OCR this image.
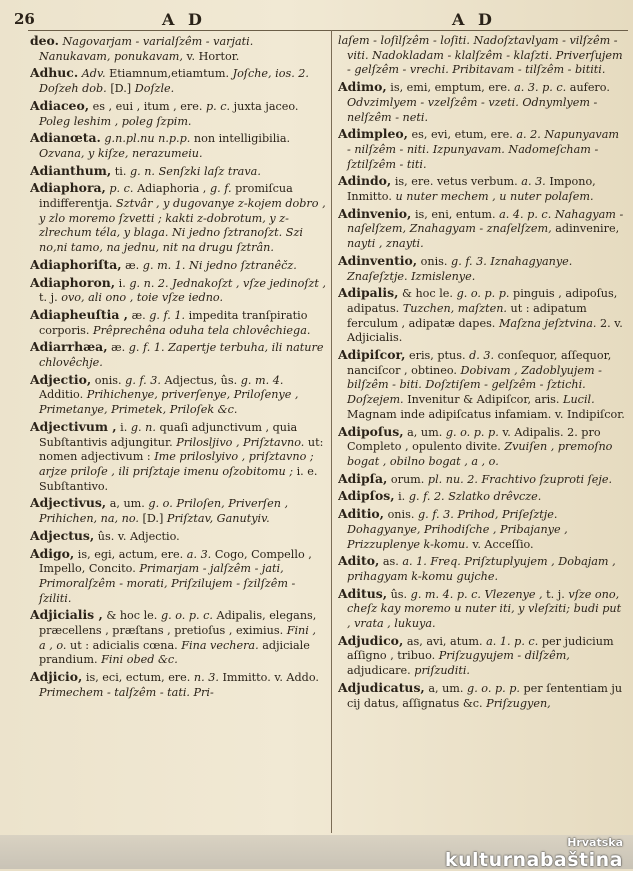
26	A D	A D
deo. Nagovarjam - varialſzêm - varjati. Nanukavam, ponukavam, v. Hortor.
Adhuc. Adv. Etiamnum,etiamtum. Joſche, ios. 2. Doſzeh dob. [D.] Doſzle.
Adiaceo, es , eui , itum , ere. p. c. juxta jaceo. Poleg leshim , poleg ſzpim.
Adianœta. g.n.pl.nu n.p.p. non intelligibilia. Ozvana, y kiſze, nerazumeiu.
Adianthum, ti. g. n. Senſzki laſz trava.
Adiaphora, p. c. Adiaphoria , g. f. promiſcua indifferentja. Sztvâr , y dugovanye z-kojem dobro , y zlo moremo ſzvetti ; kakti z-dobrotum, y z-zlrechum téla, y blaga. Ni jedno ſztranoſzt. Szi no,ni tamo, na jednu, nit na drugu ſztrân.
Adiaphoriſta, æ. g. m. 1. Ni jedno ſztranêčz.
Adiaphoron, i. g. n. 2. Jednakoſzt , vſze jedinoſzt , t. j. ovo, ali ono , toie vſze iedno.
Adiapheuſtia , æ. g. f. 1. impedita tranſpiratio corporis. Prêprechêna oduha tela chlovêchiega.
Adiarrhæa, æ. g. f. 1. Zapertje terbuha, ili nature chlovêchje.
Adjectio, onis. g. f. 3. Adjectus, ûs. g. m. 4. Additio. Prihichenye, priverſenye, Priloſenye , Primetanye, Primetek, Priloſek &c.
Adjectivum , i. g. n. quaſi adjunctivum , quia Subſtantivis adjungitur. Prilosljivo , Priſztavno. ut: nomen adjectivum : Ime priloslyivo , priſztavno ; arjze priloſe , ili priſztaje imenu oſzobitomu ; i. e. Subſtantivo.
Adjectivus, a, um. g. o. Priloſen, Priverſen , Prihichen, na, no. [D.] Priſztav, Ganutyiv.
Adjectus, ûs. v. Adjectio.
Adigo, is, egi, actum, ere. a. 3. Cogo, Compello , Impello, Concito. Primarjam - jalſzêm - jati, Primoralſzêm - morati, Priſzilujem - ſzilſzêm - ſziliti.
Adjicialis , & hoc le. g. o. p. c. Adipalis, elegans, præcellens , præſtans , pretioſus , eximius. Fini , a , o. ut : adicialis cœna. Fina vechera. adjiciale prandium. Fini obed &c.
Adjicio, is, eci, ectum, ere. n. 3. Immitto. v. Addo. Primechem - talſzêm - tati. Pri-
laſem - loſilſzêm - loſiti. Nadoſztavlyam - vilſzêm - viti. Nadokladam - klalſzêm - klaſzti. Priverſujem - gelſzêm - vrechi. Pribitavam - tilſzêm - bititi.
Adimo, is, emi, emptum, ere. a. 3. p. c. aufero. Odvzimlyem - vzelſzêm - vzeti. Odnymlyem - nelſzêm - neti.
Adimpleo, es, evi, etum, ere. a. 2. Napunyavam - nilſzêm - niti. Izpunyavam. Nadomeſcham - ſztilſzêm - titi.
Adindo, is, ere. vetus verbum. a. 3. Impono, Inmitto. u nuter mechem , u nuter polaſem.
Adinvenio, is, eni, entum. a. 4. p. c. Nahagyam - naſelſzem, Znahagyam - znaſelſzem, adinvenire, nayti , znayti.
Adinventio, onis. g. f. 3. Iznahagyanye. Znaſeſztje. Izmislenye.
Adipalis, & hoc le. g. o. p. p. pinguis , adipoſus, adipatus. Tuzchen, maſzten. ut : adipatum ferculum , adipatæ dapes. Maſzna jeſztvina. 2. v. Adjicialis.
Adipiſcor, eris, ptus. d. 3. conſequor, aſſequor, nanciſcor , obtineo. Dobivam , Zadoblyujem - bilſzêm - biti. Doſztiſem - gelſzêm - ſztichi. Doſzejem. Invenitur & Adipiſcor, aris. Lucil. Magnam inde adipiſcatus infamiam. v. Indipiſcor.
Adipoſus, a, um. g. o. p. p. v. Adipalis. 2. pro Completo , opulento divite. Zvuiſen , premoſno bogat , obilno bogat , a , o.
Adipſa, orum. pl. nu. 2. Frachtivo ſzuproti ſeje.
Adipſos, i. g. f. 2. Szlatko drêvcze.
Aditio, onis. g. f. 3. Prihod, Priſeſztje. Dohagyanye, Prihodiſche , Pribajanye , Prizzuplenye k-komu. v. Acceſſio.
Adito, as. a. 1. Freq. Priſztuplyujem , Dobajam , prihagyam k-komu gujche.
Aditus, ûs. g. m. 4. p. c. Vlezenye , t. j. vſze ono, cheſz kay moremo u nuter iti, y vleſziti; budi put , vrata , lukuya.
Adjudico, as, avi, atum. a. 1. p. c. per judicium aſſigno , tribuo. Priſzugyujem - dilſzêm, adjudicare. priſzuditi.
Adjudicatus, a, um. g. o. p. p. per ſententiam ju cij datus, aſſignatus &c. Priſzugyen,
Hrvatska
kulturnabaština
